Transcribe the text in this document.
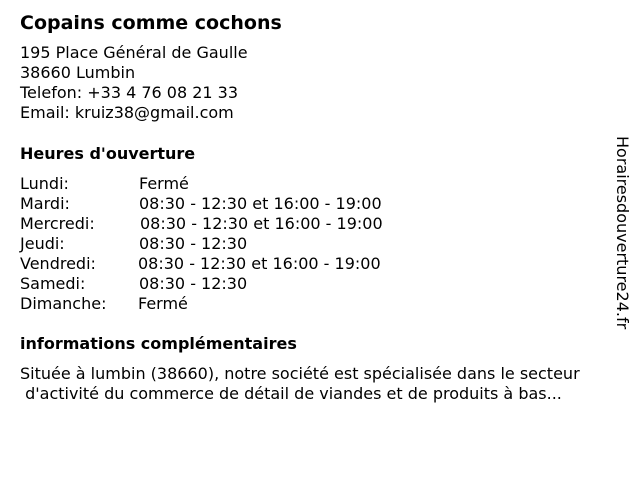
Copains comme cochons
195 Place Général de Gaulle
38660 Lumbin
Telefon: +33 4 76 08 21 33
Email: kruiz38@gmail.com
Heures d'ouverture
Lundi:	Fermé
Mardi:	08:30 - 12:30 et 16:00 - 19:00
Mercredi:	08:30 - 12:30 et 16:00 - 19:00
Jeudi:	08:30 - 12:30
Vendredi:	08:30 - 12:30 et 16:00 - 19:00
Samedi:	08:30 - 12:30
Dimanche: Fermé
informations complémentaires
Située à lumbin (38660), notre société est spécialisée dans le secteur
d'activité du commerce de détail de viandes et de produits à bas...
Horairesdouverture24.fr
